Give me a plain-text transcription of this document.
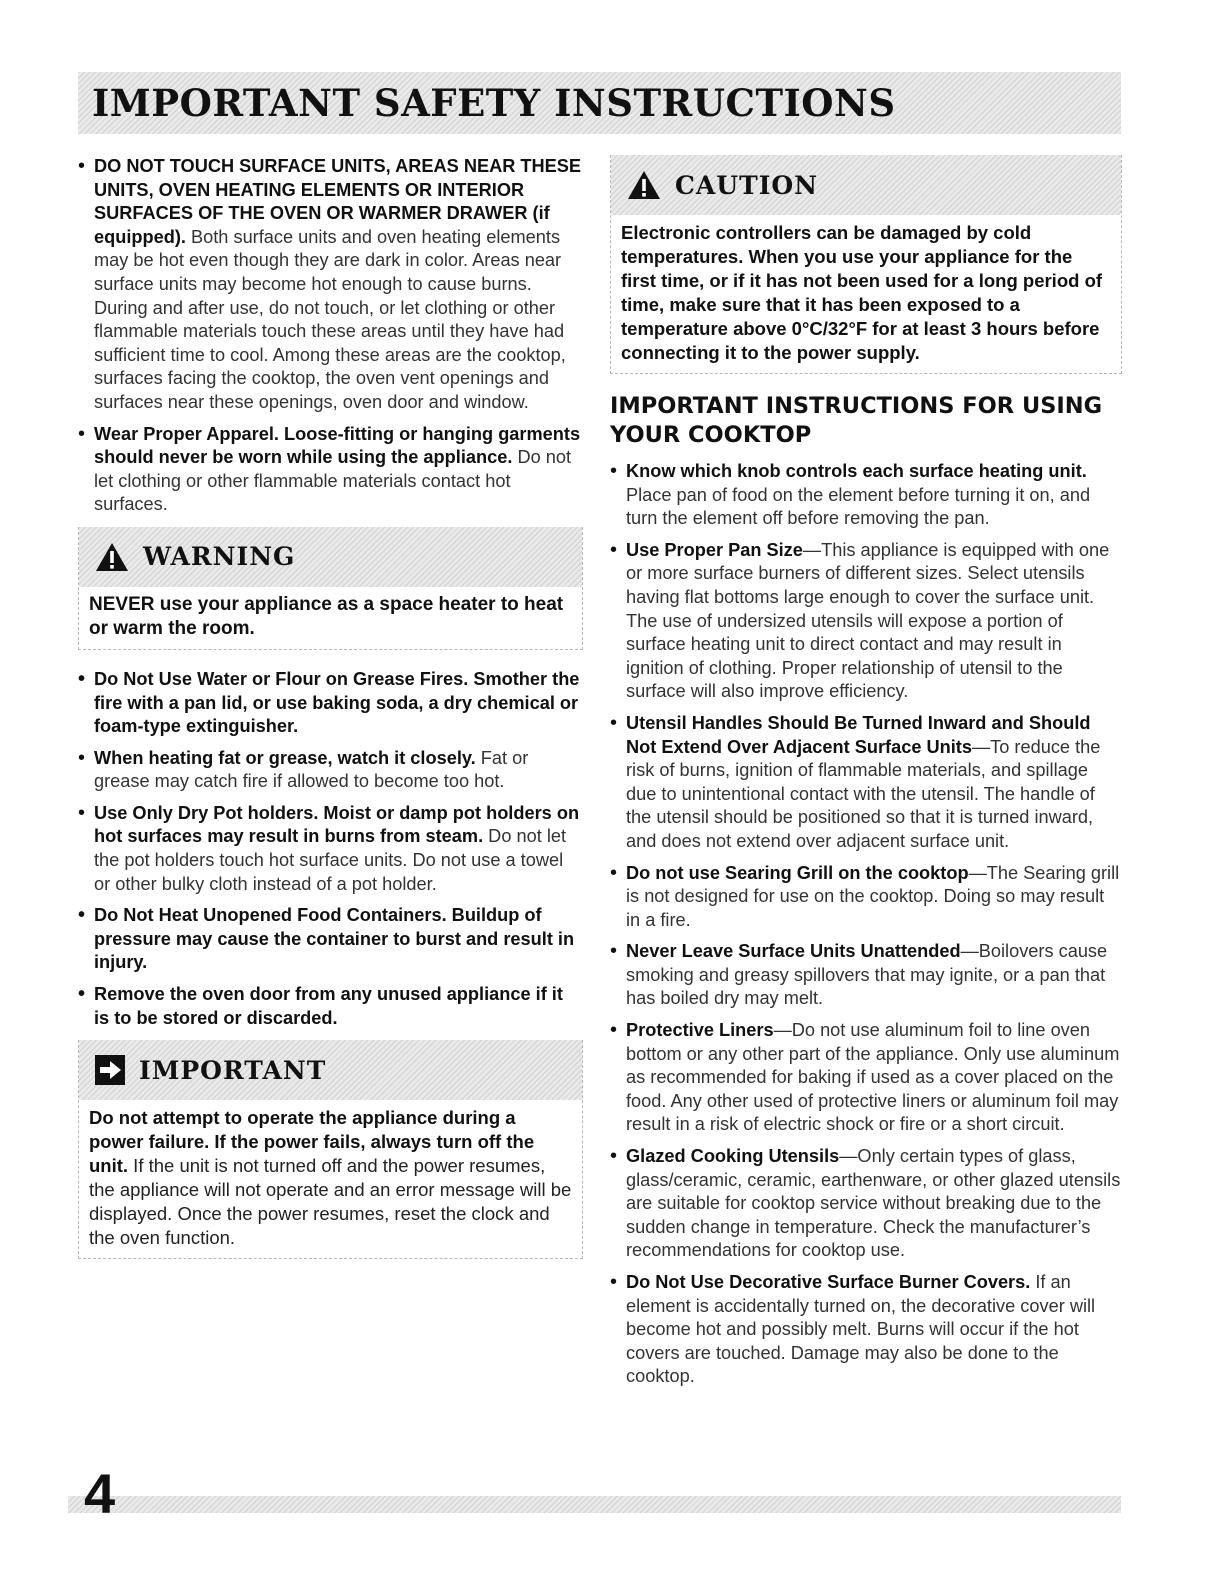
IMPORTANT SAFETY INSTRUCTIONS
• DO NOT TOUCH SURFACE UNITS, AREAS NEAR THESE UNITS, OVEN HEATING ELEMENTS OR INTERIOR SURFACES OF THE OVEN OR WARMER DRAWER (if equipped). Both surface units and oven heating elements may be hot even though they are dark in color. Areas near surface units may become hot enough to cause burns. During and after use, do not touch, or let clothing or other flammable materials touch these areas until they have had sufficient time to cool. Among these areas are the cooktop, surfaces facing the cooktop, the oven vent openings and surfaces near these openings, oven door and window.
• Wear Proper Apparel. Loose-fitting or hanging garments should never be worn while using the appliance. Do not let clothing or other flammable materials contact hot surfaces.
WARNING
NEVER use your appliance as a space heater to heat or warm the room.
• Do Not Use Water or Flour on Grease Fires. Smother the fire with a pan lid, or use baking soda, a dry chemical or foam-type extinguisher.
• When heating fat or grease, watch it closely. Fat or grease may catch fire if allowed to become too hot.
• Use Only Dry Pot holders. Moist or damp pot holders on hot surfaces may result in burns from steam. Do not let the pot holders touch hot surface units. Do not use a towel or other bulky cloth instead of a pot holder.
• Do Not Heat Unopened Food Containers. Buildup of pressure may cause the container to burst and result in injury.
• Remove the oven door from any unused appliance if it is to be stored or discarded.
IMPORTANT
Do not attempt to operate the appliance during a power failure. If the power fails, always turn off the unit. If the unit is not turned off and the power resumes, the appliance will not operate and an error message will be displayed. Once the power resumes, reset the clock and the oven function.
CAUTION
Electronic controllers can be damaged by cold temperatures. When you use your appliance for the first time, or if it has not been used for a long period of time, make sure that it has been exposed to a temperature above 0°C/32°F for at least 3 hours before connecting it to the power supply.
IMPORTANT INSTRUCTIONS FOR USING YOUR COOKTOP
• Know which knob controls each surface heating unit. Place pan of food on the element before turning it on, and turn the element off before removing the pan.
• Use Proper Pan Size—This appliance is equipped with one or more surface burners of different sizes. Select utensils having flat bottoms large enough to cover the surface unit. The use of undersized utensils will expose a portion of surface heating unit to direct contact and may result in ignition of clothing. Proper relationship of utensil to the surface will also improve efficiency.
• Utensil Handles Should Be Turned Inward and Should Not Extend Over Adjacent Surface Units—To reduce the risk of burns, ignition of flammable materials, and spillage due to unintentional contact with the utensil. The handle of the utensil should be positioned so that it is turned inward, and does not extend over adjacent surface unit.
• Do not use Searing Grill on the cooktop—The Searing grill is not designed for use on the cooktop. Doing so may result in a fire.
• Never Leave Surface Units Unattended—Boilovers cause smoking and greasy spillovers that may ignite, or a pan that has boiled dry may melt.
• Protective Liners—Do not use aluminum foil to line oven bottom or any other part of the appliance. Only use aluminum as recommended for baking if used as a cover placed on the food. Any other used of protective liners or aluminum foil may result in a risk of electric shock or fire or a short circuit.
• Glazed Cooking Utensils—Only certain types of glass, glass/ceramic, ceramic, earthenware, or other glazed utensils are suitable for cooktop service without breaking due to the sudden change in temperature. Check the manufacturer’s recommendations for cooktop use.
• Do Not Use Decorative Surface Burner Covers. If an element is accidentally turned on, the decorative cover will become hot and possibly melt. Burns will occur if the hot covers are touched. Damage may also be done to the cooktop.
4
